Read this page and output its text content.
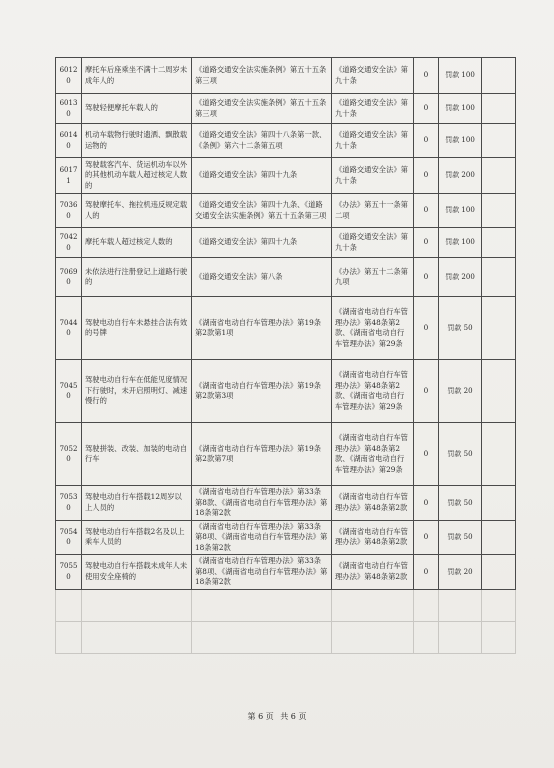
60120	摩托车后座乘坐不满十二周岁未成年人的	《道路交通安全法实施条例》第五十五条第三项	《道路交通安全法》第九十条	0	罚款 100	
60130	驾驶轻便摩托车载人的	《道路交通安全法实施条例》第五十五条第三项	《道路交通安全法》第九十条	0	罚款 100	
60140	机动车载物行驶时遗洒、飘散载运物的	《道路交通安全法》第四十八条第一款、《条例》第六十二条第五项	《道路交通安全法》第九十条	0	罚款 100	
60171	驾驶载客汽车、货运机动车以外的其他机动车载人超过核定人数的	《道路交通安全法》第四十九条	《道路交通安全法》第九十条	0	罚款 200	
70360	驾驶摩托车、拖拉机违反规定载人的	《道路交通安全法》第四十九条、《道路交通安全法实施条例》第五十五条第三项	《办法》第五十一条第二项	0	罚款 100	
70420	摩托车载人超过核定人数的	《道路交通安全法》第四十九条	《道路交通安全法》第九十条	0	罚款 100	
70690	未依法进行注册登记上道路行驶的	《道路交通安全法》第八条	《办法》第五十二条第九项	0	罚款 200	
70440	驾驶电动自行车未悬挂合法有效的号牌	《湖南省电动自行车管理办法》第19条第2款第1项	《湖南省电动自行车管理办法》第48条第2款、《湖南省电动自行车管理办法》第29条	0	罚款 50	
70450	驾驶电动自行车在低能见度情况下行驶时，未开启照明灯、减速慢行的	《湖南省电动自行车管理办法》第19条第2款第3项	《湖南省电动自行车管理办法》第48条第2款、《湖南省电动自行车管理办法》第29条	0	罚款 20	
70520	驾驶拼装、改装、加装的电动自行车	《湖南省电动自行车管理办法》第19条第2款第7项	《湖南省电动自行车管理办法》第48条第2款、《湖南省电动自行车管理办法》第29条	0	罚款 50	
70530	驾驶电动自行车搭载12周岁以上人员的	《湖南省电动自行车管理办法》第33条第8款、《湖南省电动自行车管理办法》第18条第2款	《湖南省电动自行车管理办法》第48条第2款	0	罚款 50	
70540	驾驶电动自行车搭载2名及以上乘车人员的	《湖南省电动自行车管理办法》第33条第8项、《湖南省电动自行车管理办法》第18条第2款	《湖南省电动自行车管理办法》第48条第2款	0	罚款 50	
70550	驾驶电动自行车搭载未成年人未使用安全座椅的	《湖南省电动自行车管理办法》第33条第8项、《湖南省电动自行车管理办法》第18条第2款	《湖南省电动自行车管理办法》第48条第2款	0	罚款 20	

第 6 页 共 6 页
